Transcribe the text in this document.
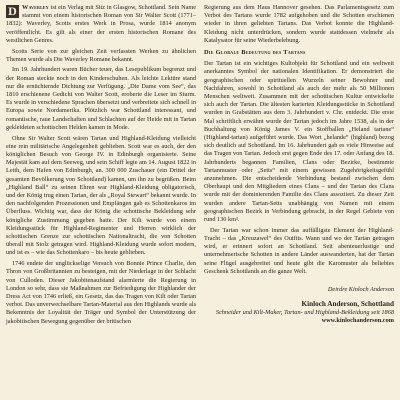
D Waverley ist ein Verlag mit Sitz in Glasgow, Schottland. Sein Name stammt von einem historischen Roman von Sir Walter Scott (1771–1832): Waverley, Scotts erstes Werk in Prosa, wurde 1814 anonym veröffentlicht. Es gilt als einer der ersten historischen Romane des westlichen Genres.

Scotts Serie von zur gleichen Zeit verfassten Werken zu ähnlichen Themen wurde als Die Waverley Romane bekannt.

Im 19. Jahrhundert waren Bücher teuer, das Lesepublikum begrenzt und der Roman steckte noch in den Kinderschuhen. Als leichte Lektüre stand nur die ernüchternde Dichtung zur Verfügung. „Die Dame vom See“, das 1810 erschienene Gedicht von Walter Scott, eroberte die Leser im Sturm. Es wurde in verschiedene Sprachen übersetzt und verbreitete sich schnell in Europa sowie Nordamerika. Plötzlich war Schottland interessant, und romantische, raue Landschaften und Schlachten auf der Heide mit in Tartan gekleideten schottischen Helden kamen in Mode.

Ohne Sir Walter Scott wären Tartan und Highland-Kleidung vielleicht eine rein militärische Angelegenheit geblieben. Scott war es auch, der den königlichen Besuch von George IV. in Edinburgh organisierte. Seine Majestät kam auf dem Seeweg, und sein Schiff legte am 14. August 1822 in Leith, dem Hafen von Edinburgh, an. 300 000 Zuschauer (ein Drittel der gesamten Bevölkerung von Schottland) kamen, um ihn zu begrüßen. Beim „Highland Ball“ zu seinen Ehren war Highland-Kleidung obligatorisch, und der König trug einen Tartan, der als „Royal Stewart“ bekannt wurde. In den nachfolgenden Prozessionen und Empfängen gab es Schottenkaros im Überfluss. Wichtig war, dass der König die schottische Bekleidung sehr königliche Zustimmung gegeben hatte. Der Kilt wurde von einem Kleidungsstück für Highland-Regimenter und Herren wirklich der schottischen Grenze zur schottischen Nationaltracht, die von Schotten überall mit Stolz getragen wird. Highland-Kleidung wurde sofort modern, und ist es – wie das Schottenkaro – bis heute geblieben.

1746 endete der unglückselige Versuch von Bonnie Prince Charlie, den Thron von Großbritannien zu besteigen, mit der Niederlage in der Schlacht von Culloden. Dieser Jakobitenaufstand alarmierte die Regierung in London so sehr, dass sie Maßnahmen zur Befriedigung der Highlander der Dress Act von 1746 erließ, ein Gesetz, das das Tragen von Kilt oder Tartan verbot. Das unverwechselbare Tartan-Material aus den Highlands wurde als Bekenntnis der Loyalität der Träger und Symbol der Unterstützung der jakobitischen Bewegung gegenüber der britischen

Regierung aus dem Haus Hannover gesehen. Das Parlamentsgesetz zum Verbot des Tartans wurde 1782 aufgehoben und die Schotten erschienen wieder in ihren geliebten Tartans. Das Verbot konnte die Highland-Kleidung nicht unterdrücken, sondern wurde stattdessen vielmehr als Katalysator für seine Wiederbelebung.

Die Globale Bedeutung des Tartans

Der Tartan ist ein wichtiges Kultobjekt für Schottland und ein weltweit anerkanntes Symbol der nationalen Identifikation. Er demonstriert die geographischen oder spirituellen Wurzeln seiner Bewohner und Nachfahren, sowohl in Schottland als auch der mehr als 50 Millionen Menschen weltweit. Zusammen mit der schottischen Kultur entwickelte sich auch der Tartan. Die ältesten karierten Kleidungsstücke in Schottland wurden in Grabstätten aus dem 3. Jahrhundert v. Chr. entdeckt. Die erste Mal schriftlich erwähnt wurde der Tartan jedoch im Jahre 1538, als in der Buchhaltung von König James V. ein Stoffballen „Heland tartane“ (Highland-tartan) aufgeführt wurde. Das Wort „helande“ (highland) bezog sich deutlich auf Schottland. Im 16. Jahrhundert gab es viele Hinweise auf das Tragen von Tartan. Jedoch erst gegen Ende des 17. oder Anfang des 18. Jahrhunderts begannen Familien, Clans oder Bezirke, bestimmte Tartanmuster oder „Setts“ mit einem gewissen Zugehörigkeitsgefühl anzunehmen. Die entscheidende Verbindung bestand zwischen dem Oberhaupt und den Mitgliedern eines Clans – und der Tartan des Clans wurde mit der dominierenden Familie des Clans assoziiert. Zu dieser Zeit wurden andere Tartan-Setts unabhängig von Namen mit einem geographischen Bezirk in Verbindung gebracht, in der Regel Gebiete von rund 130 km².

Der Tartan war schon immer das auffälligste Element der Highland-Tracht – das „Kreuzawel“ des Outfits. Wann und wo der Tartan getragen wird, er erinnert sofort an Schottland. Seit abenteuerlustige und unternehmerische Schotten in andere Länder auswanderten, hat der Tartan seine Flügel ausgebreitet und heute gibt die Karomuster als beliebtes Geschenk Schottlands an die ganze Welt.

Deirdre Kinloch Anderson
Kinloch Anderson, Schottland
Schneider und Kilt-Maker, Tartan- und Highland-Bekleidung seit 1868
www.kinlochanderson.com
